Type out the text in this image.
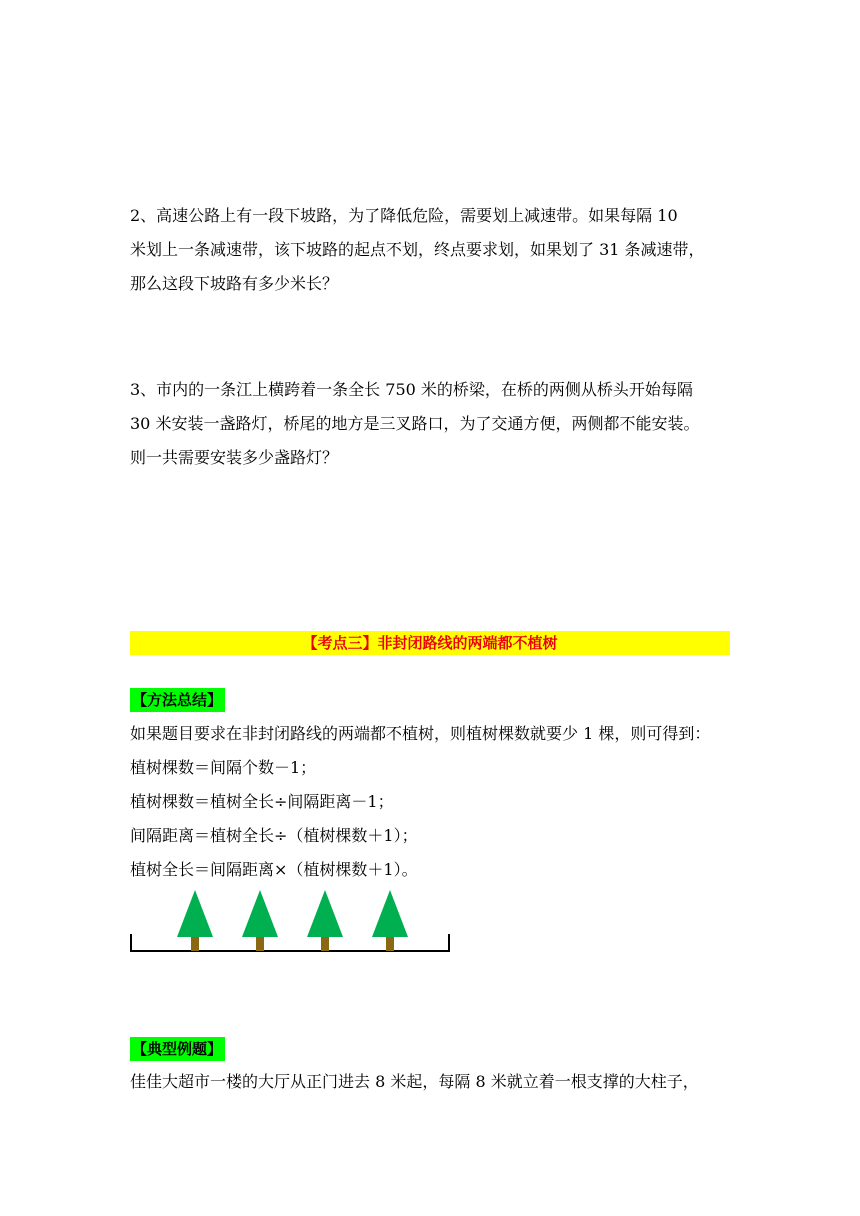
2、高速公路上有一段下坡路，为了降低危险，需要划上减速带。如果每隔 10
米划上一条减速带，该下坡路的起点不划，终点要求划，如果划了 31 条减速带，
那么这段下坡路有多少米长？
3、市内的一条江上横跨着一条全长 750 米的桥梁，在桥的两侧从桥头开始每隔
30 米安装一盏路灯，桥尾的地方是三叉路口，为了交通方便，两侧都不能安装。
则一共需要安装多少盏路灯？
【考点三】非封闭路线的两端都不植树
【方法总结】
如果题目要求在非封闭路线的两端都不植树，则植树棵数就要少 1 棵，则可得到：
植树棵数＝间隔个数－1；
植树棵数＝植树全长÷间隔距离－1；
间隔距离＝植树全长÷（植树棵数＋1）；
植树全长＝间隔距离×（植树棵数＋1）。
【典型例题】
佳佳大超市一楼的大厅从正门进去 8 米起，每隔 8 米就立着一根支撑的大柱子，
